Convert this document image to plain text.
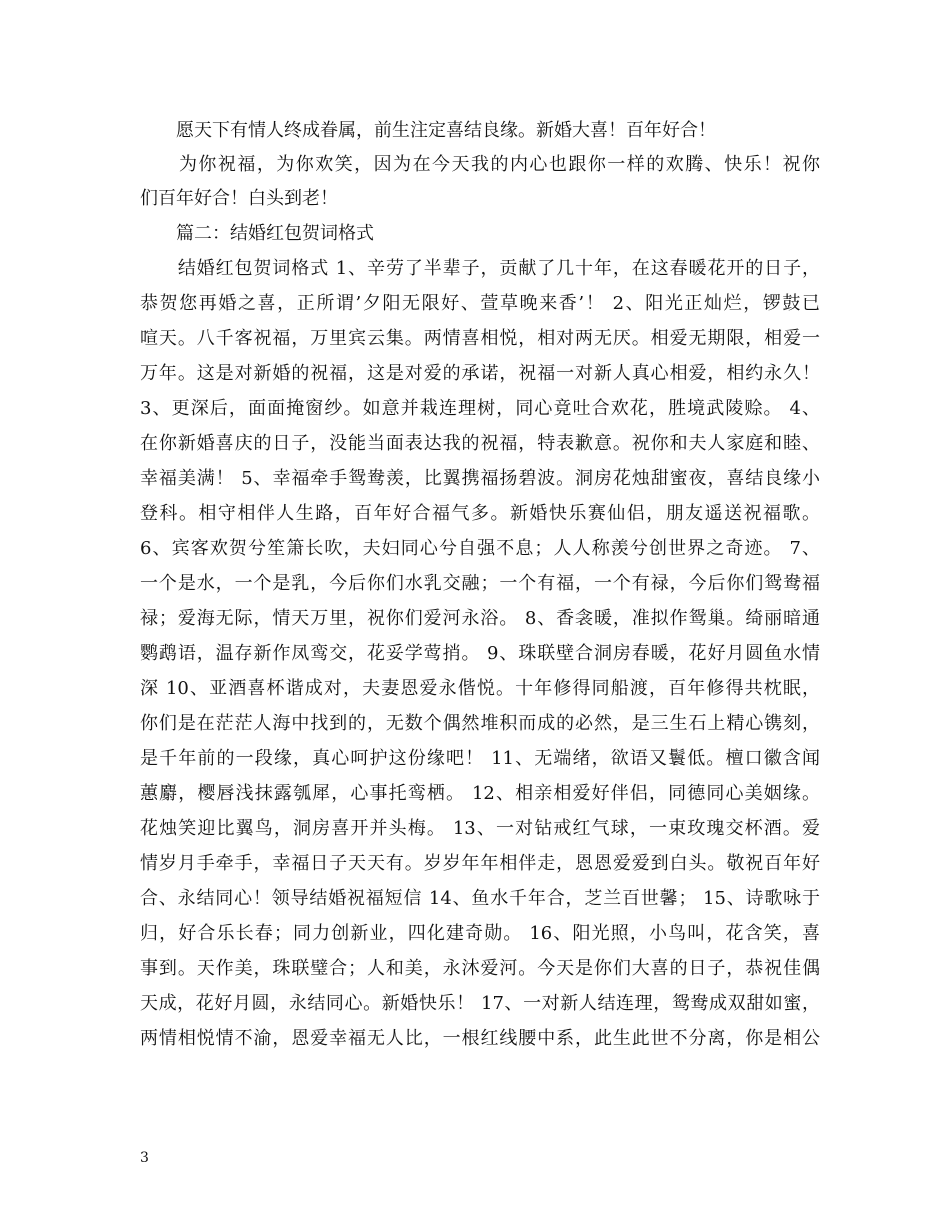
　　愿天下有情人终成眷属，前生注定喜结良缘。新婚大喜！百年好合！
　　为你祝福，为你欢笑，因为在今天我的内心也跟你一样的欢腾、快乐！祝你
们百年好合！白头到老！
　　篇二：结婚红包贺词格式
　　结婚红包贺词格式 1、辛劳了半辈子，贡献了几十年，在这春暖花开的日子，
恭贺您再婚之喜，正所谓’夕阳无限好、萱草晚来香’！ 2、阳光正灿烂，锣鼓已
喧天。八千客祝福，万里宾云集。两情喜相悦，相对两无厌。相爱无期限，相爱一
万年。这是对新婚的祝福，这是对爱的承诺，祝福一对新人真心相爱，相约永久！
3、更深后，面面掩窗纱。如意并栽连理树，同心竟吐合欢花，胜境武陵赊。 4、
在你新婚喜庆的日子，没能当面表达我的祝福，特表歉意。祝你和夫人家庭和睦、
幸福美满！ 5、幸福牵手鸳鸯羡，比翼携福扬碧波。洞房花烛甜蜜夜，喜结良缘小
登科。相守相伴人生路，百年好合福气多。新婚快乐赛仙侣，朋友遥送祝福歌。
6、宾客欢贺兮笙箫长吹，夫妇同心兮自强不息；人人称羡兮创世界之奇迹。 7、
一个是水，一个是乳，今后你们水乳交融；一个有福，一个有禄，今后你们鸳鸯福
禄；爱海无际，情天万里，祝你们爱河永浴。 8、香衾暖，准拟作鸳巢。绮丽暗通
鹦鹉语，温存新作凤鸾交，花妥学莺捎。 9、珠联壁合洞房春暖，花好月圆鱼水情
深 10、亚酒喜杯谐成对，夫妻恩爱永偕悦。十年修得同船渡，百年修得共枕眠，
你们是在茫茫人海中找到的，无数个偶然堆积而成的必然，是三生石上精心镌刻，
是千年前的一段缘，真心呵护这份缘吧！ 11、无端绪，欲语又鬟低。檀口徽含闻
蕙麝，樱唇浅抹露瓠犀，心事托鸾栖。 12、相亲相爱好伴侣，同德同心美姻缘。
花烛笑迎比翼鸟，洞房喜开并头梅。 13、一对钻戒红气球，一束玫瑰交杯酒。爱
情岁月手牵手，幸福日子天天有。岁岁年年相伴走，恩恩爱爱到白头。敬祝百年好
合、永结同心！领导结婚祝福短信 14、鱼水千年合，芝兰百世馨； 15、诗歌咏于
归，好合乐长春；同力创新业，四化建奇勋。 16、阳光照，小鸟叫，花含笑，喜
事到。天作美，珠联璧合；人和美，永沐爱河。今天是你们大喜的日子，恭祝佳偶
天成，花好月圆，永结同心。新婚快乐！ 17、一对新人结连理，鸳鸯成双甜如蜜，
两情相悦情不渝，恩爱幸福无人比，一根红线腰中系，此生此世不分离，你是相公
3
